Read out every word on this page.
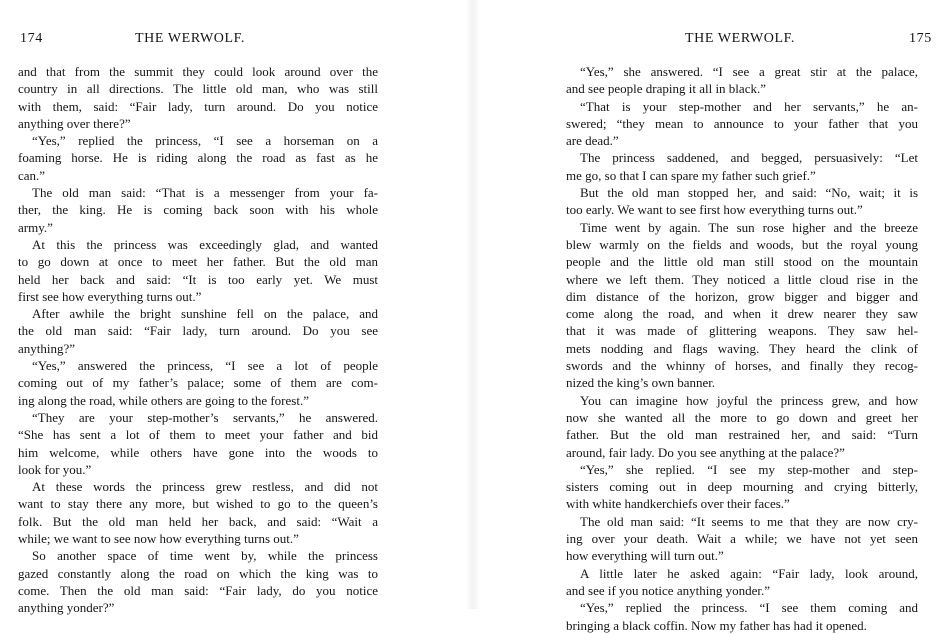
174	THE WERWOLF.

and that from the summit they could look around over the

country in all directions. The little old man, who was still

with them, said: “Fair lady, turn around. Do you notice

anything over there?”

“Yes,” replied the princess, “I see a horseman on a

foaming horse. He is riding along the road as fast as he

can.”

The old man said: “That is a messenger from your fa-

ther, the king. He is coming back soon with his whole

army.”

At this the princess was exceedingly glad, and wanted

to go down at once to meet her father. But the old man

held her back and said: “It is too early yet. We must

first see how everything turns out.”

After awhile the bright sunshine fell on the palace, and

the old man said: “Fair lady, turn around. Do you see

anything?”

“Yes,” answered the princess, “I see a lot of people

coming out of my father’s palace; some of them are com-

ing along the road, while others are going to the forest.”

“They are your step-mother’s servants,” he answered.

“She has sent a lot of them to meet your father and bid

him welcome, while others have gone into the woods to

look for you.”

At these words the princess grew restless, and did not

want to stay there any more, but wished to go to the queen’s

folk. But the old man held her back, and said: “Wait a

while; we want to see now how everything turns out.”

So another space of time went by, while the princess

gazed constantly along the road on which the king was to

come. Then the old man said: “Fair lady, do you notice

anything yonder?”

THE WERWOLF.	175

“Yes,” she answered. “I see a great stir at the palace,

and see people draping it all in black.”

“That is your step-mother and her servants,” he an-

swered; “they mean to announce to your father that you

are dead.”

The princess saddened, and begged, persuasively: “Let

me go, so that I can spare my father such grief.”

But the old man stopped her, and said: “No, wait; it is

too early. We want to see first how everything turns out.”

Time went by again. The sun rose higher and the breeze

blew warmly on the fields and woods, but the royal young

people and the little old man still stood on the mountain

where we left them. They noticed a little cloud rise in the

dim distance of the horizon, grow bigger and bigger and

come along the road, and when it drew nearer they saw

that it was made of glittering weapons. They saw hel-

mets nodding and flags waving. They heard the clink of

swords and the whinny of horses, and finally they recog-

nized the king’s own banner.

You can imagine how joyful the princess grew, and how

now she wanted all the more to go down and greet her

father. But the old man restrained her, and said: “Turn

around, fair lady. Do you see anything at the palace?”

“Yes,” she replied. “I see my step-mother and step-

sisters coming out in deep mourning and crying bitterly,

with white handkerchiefs over their faces.”

The old man said: “It seems to me that they are now cry-

ing over your death. Wait a while; we have not yet seen

how everything will turn out.”

A little later he asked again: “Fair lady, look around,

and see if you notice anything yonder.”

“Yes,” replied the princess. “I see them coming and

bringing a black coffin. Now my father has had it opened.
